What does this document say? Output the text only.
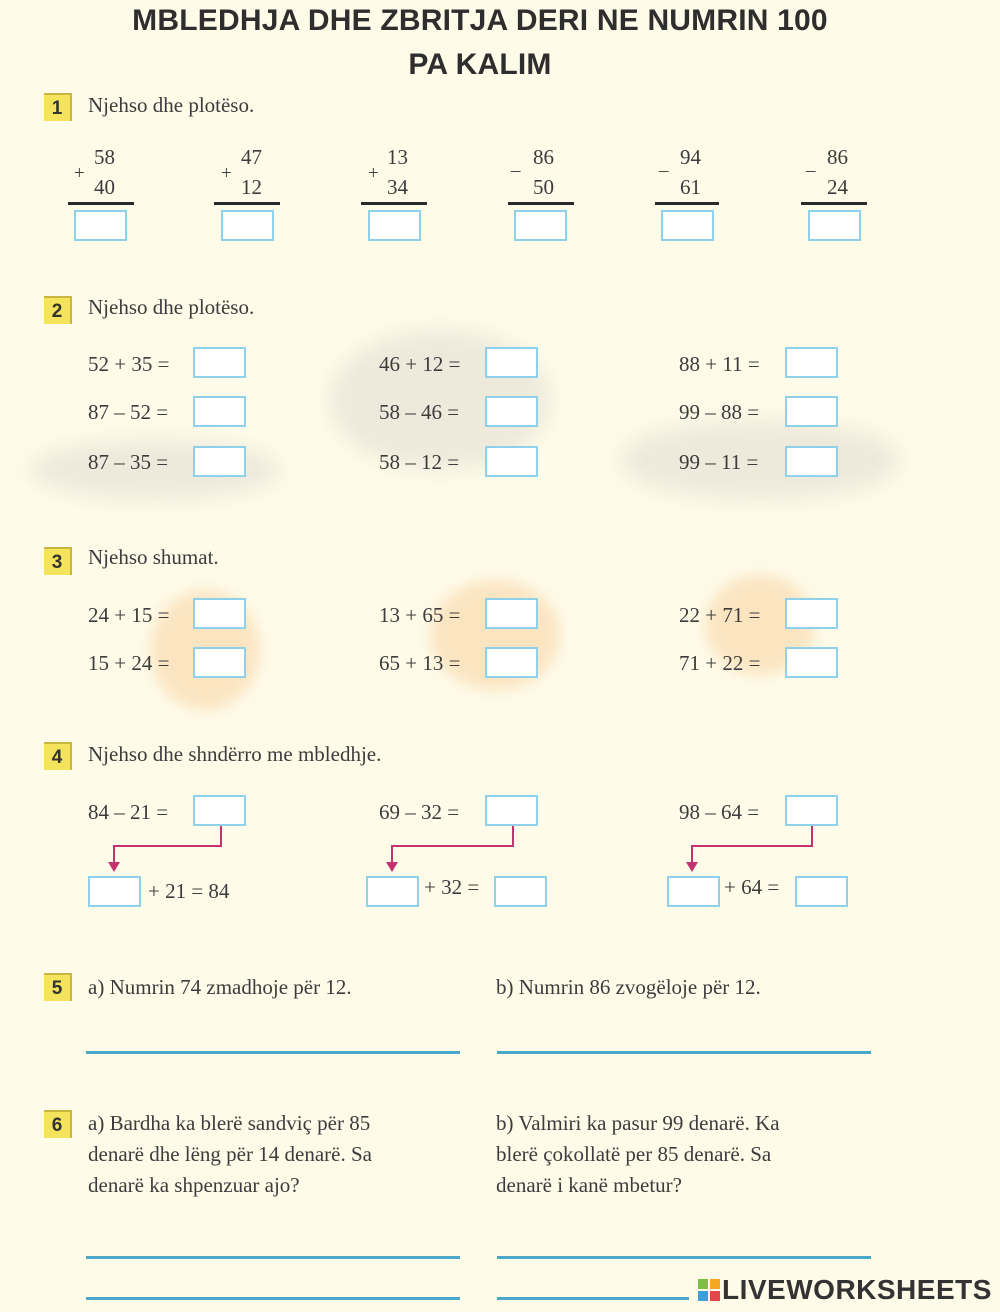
MBLEDHJA DHE ZBRITJA DERI NE NUMRIN 100
PA KALIM
1	Njehso dhe plotëso.
58
+
40
47
+
12
13
+
34
86
–
50
94
–
61
86
–
24
2	Njehso dhe plotëso.
52 + 35 =	46 + 12 =	88 + 11 =
87 – 52 =	58 – 46 =	99 – 88 =
87 – 35 =	58 – 12 =	99 – 11 =
3	Njehso shumat.
24 + 15 =	13 + 65 =	22 + 71 =
15 + 24 =	65 + 13 =	71 + 22 =
4	Njehso dhe shndërro me mbledhje.
84 – 21 =
+ 21 = 84
69 – 32 =
+ 32 =
98 – 64 =
+ 64 =
5	a) Numrin 74 zmadhoje për 12.	b) Numrin 86 zvogëloje për 12.
6	a) Bardha ka blerë sandviç për 85
denarë dhe lëng për 14 denarë. Sa
denarë ka shpenzuar ajo?
b) Valmiri ka pasur 99 denarë. Ka
blerë çokollatë per 85 denarë. Sa
denarë i kanë mbetur?
LIVEWORKSHEETS
